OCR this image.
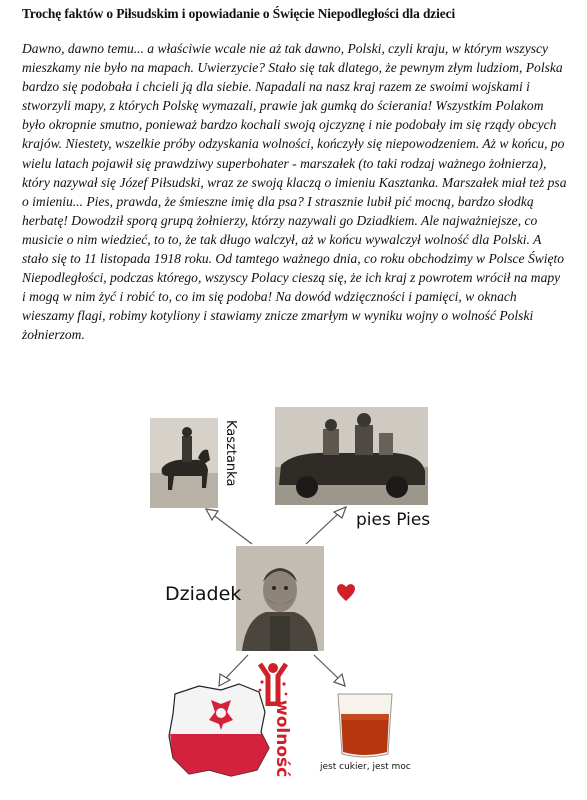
Trochę faktów o Piłsudskim i opowiadanie o Święcie Niepodległości dla dzieci

Dawno, dawno temu... a właściwie wcale nie aż tak dawno, Polski, czyli kraju, w którym wszyscy mieszkamy nie było na mapach. Uwierzycie? Stało się tak dlatego, że pewnym złym ludziom, Polska bardzo się podobała i chcieli ją dla siebie. Napadali na nasz kraj razem ze swoimi wojskami i stworzyli mapy, z których Polskę wymazali, prawie jak gumką do ścierania! Wszystkim Polakom było okropnie smutno, ponieważ bardzo kochali swoją ojczyznę i nie podobały im się rządy obcych krajów. Niestety, wszelkie próby odzyskania wolności, kończyły się niepowodzeniem. Aż w końcu, po wielu latach pojawił się prawdziwy superbohater - marszałek (to taki rodzaj ważnego żołnierza), który nazywał się Józef Piłsudski, wraz ze swoją klaczą o imieniu Kasztanka. Marszałek miał też psa o imieniu... Pies, prawda, że śmieszne imię dla psa? I strasznie lubił pić mocną, bardzo słodką herbatę! Dowodził sporą grupą żołnierzy, którzy nazywali go Dziadkiem. Ale najważniejsze, co musicie o nim wiedzieć, to to, że tak długo walczył, aż w końcu wywalczył wolność dla Polski. A stało się to 11 listopada 1918 roku. Od tamtego ważnego dnia, co roku obchodzimy w Polsce Święto Niepodległości, podczas którego, wszyscy Polacy cieszą się, że ich kraj z powrotem wrócił na mapy i mogą w nim żyć i robić to, co im się podoba! Na dowód wdzięczności i pamięci, w oknach wieszamy flagi, robimy kotyliony i stawiamy znicze zmarłym w wyniku wojny o wolność Polski żołnierzom.

Kasztanka
Dziadek
pies Pies
wolność	jest cukier, jest moc
